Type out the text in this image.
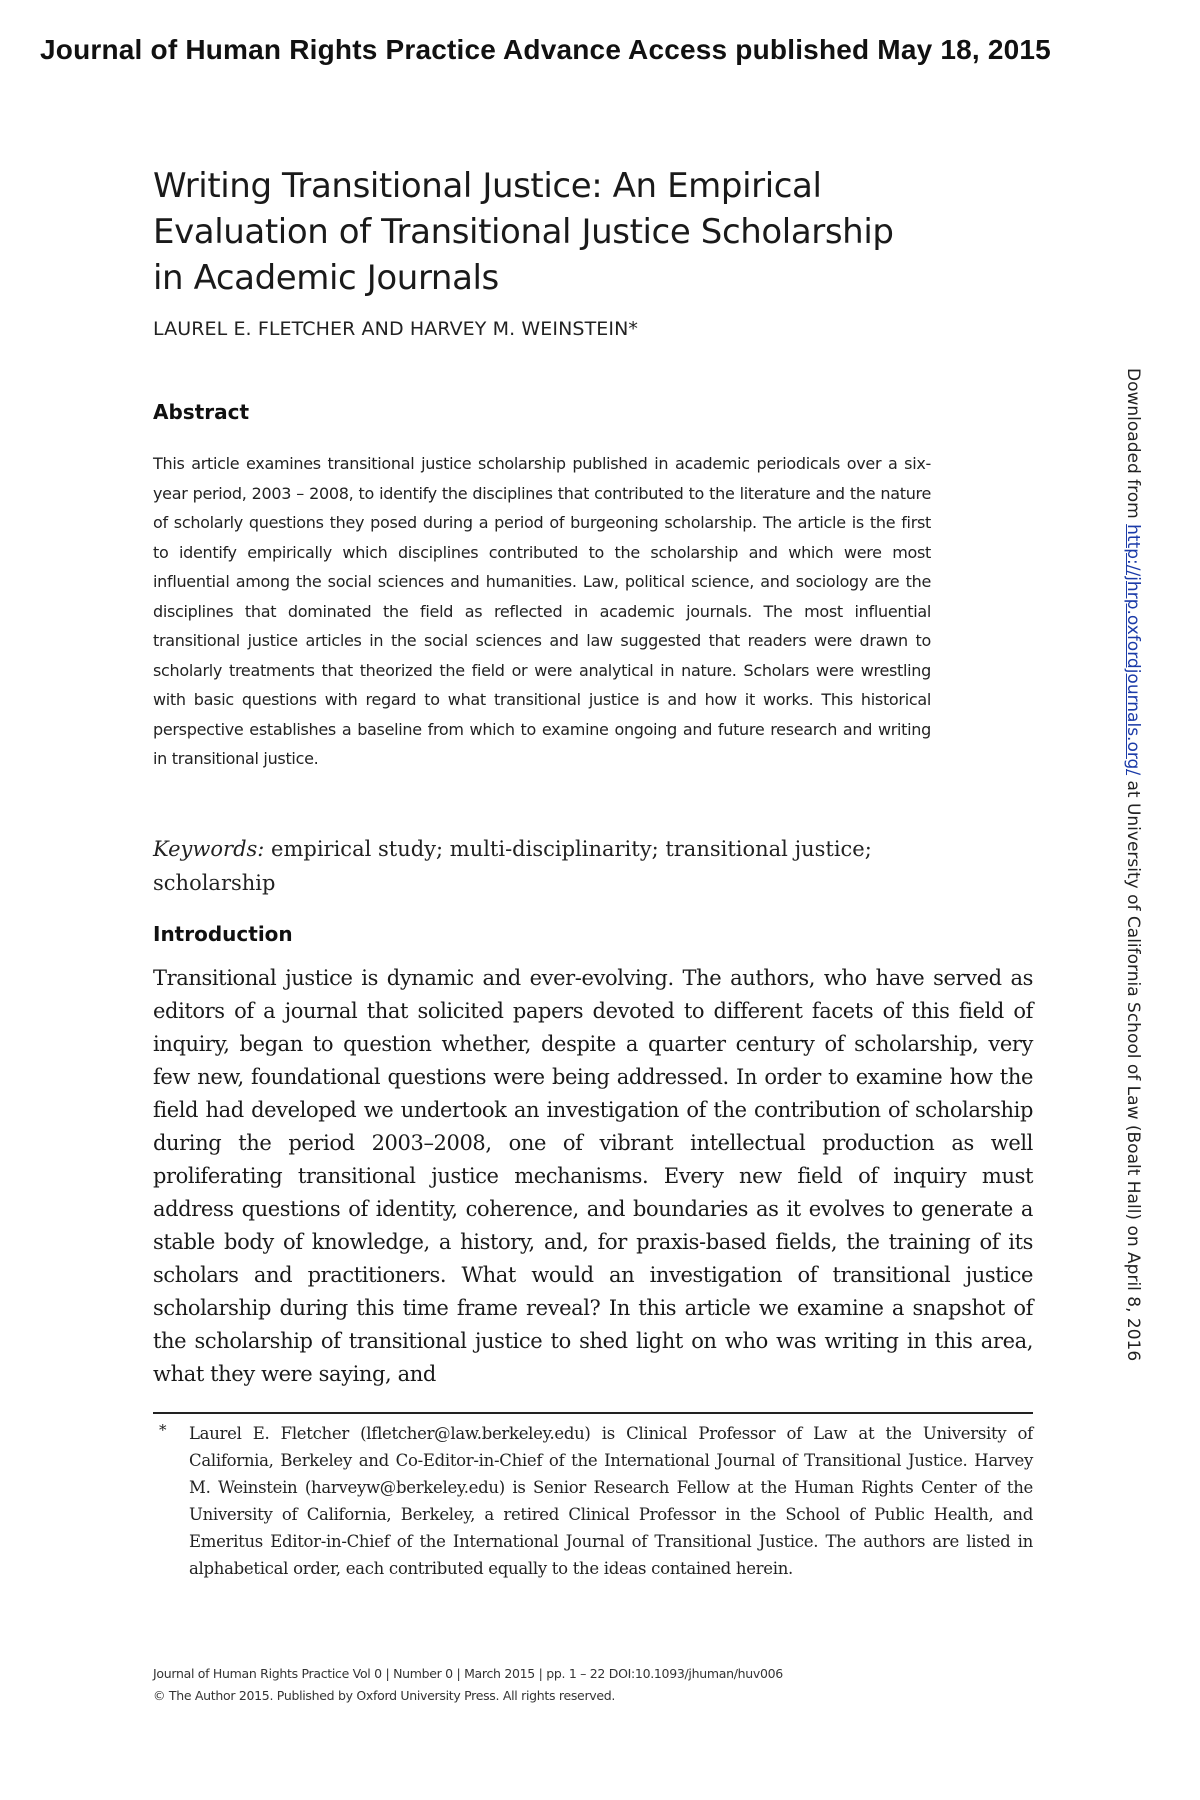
Journal of Human Rights Practice Advance Access published May 18, 2015
Writing Transitional Justice: An Empirical Evaluation of Transitional Justice Scholarship in Academic Journals
LAUREL E. FLETCHER AND HARVEY M. WEINSTEIN*
Downloaded from http://jhrp.oxfordjournals.org/ at University of California School of Law (Boalt Hall) on April 8, 2016
Abstract
This article examines transitional justice scholarship published in academic periodicals over a six-year period, 2003 – 2008, to identify the disciplines that contributed to the literature and the nature of scholarly questions they posed during a period of burgeoning scholarship. The article is the first to identify empirically which disciplines contributed to the scholarship and which were most influential among the social sciences and humanities. Law, political science, and sociology are the disciplines that dominated the field as reflected in academic journals. The most influential transitional justice articles in the social sciences and law suggested that readers were drawn to scholarly treatments that theorized the field or were analytical in nature. Scholars were wrestling with basic questions with regard to what transitional justice is and how it works. This historical perspective establishes a baseline from which to examine ongoing and future research and writing in transitional justice.
Keywords: empirical study; multi-disciplinarity; transitional justice; scholarship
Introduction
Transitional justice is dynamic and ever-evolving. The authors, who have served as editors of a journal that solicited papers devoted to different facets of this field of inquiry, began to question whether, despite a quarter century of scholarship, very few new, foundational questions were being addressed. In order to examine how the field had developed we undertook an investigation of the contribution of scholarship during the period 2003–2008, one of vibrant intellectual production as well proliferating transitional justice mechanisms. Every new field of inquiry must address questions of identity, coherence, and boundaries as it evolves to generate a stable body of knowledge, a history, and, for praxis-based fields, the training of its scholars and practitioners. What would an investigation of transitional justice scholarship during this time frame reveal? In this article we examine a snapshot of the scholarship of transitional justice to shed light on who was writing in this area, what they were saying, and
* Laurel E. Fletcher (lfletcher@law.berkeley.edu) is Clinical Professor of Law at the University of California, Berkeley and Co-Editor-in-Chief of the International Journal of Transitional Justice. Harvey M. Weinstein (harveyw@berkeley.edu) is Senior Research Fellow at the Human Rights Center of the University of California, Berkeley, a retired Clinical Professor in the School of Public Health, and Emeritus Editor-in-Chief of the International Journal of Transitional Justice. The authors are listed in alphabetical order, each contributed equally to the ideas contained herein.
Journal of Human Rights Practice Vol 0 | Number 0 | March 2015 | pp. 1 – 22 DOI:10.1093/jhuman/huv006
© The Author 2015. Published by Oxford University Press. All rights reserved.
